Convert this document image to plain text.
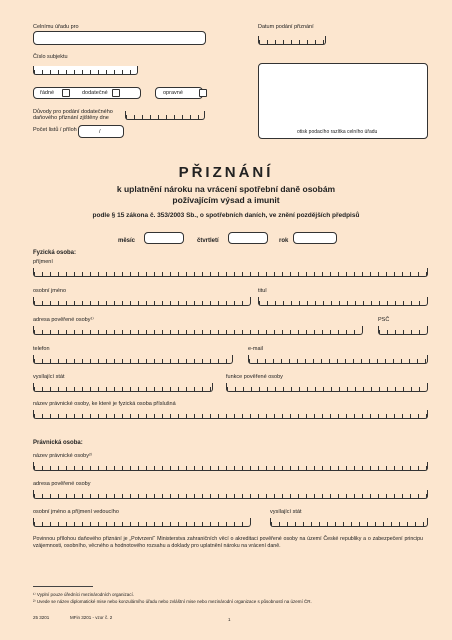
Celnímu úřadu pro	Datum podání přiznání
Číslo subjektu
řádné	dodatečné	opravné
Důvody pro podání dodatečného daňového přiznání zjištěny dne
Počet listů / příloh	/	otisk podacího razítka celního úřadu
PŘIZNÁNÍ
k uplatnění nároku na vrácení spotřební daně osobám
požívajícím výsad a imunit
podle § 15 zákona č. 353/2003 Sb., o spotřebních daních, ve znění pozdějších předpisů
měsíc	čtvrtletí	rok
Fyzická osoba:
příjmení
osobní jméno	titul
adresa pověřené osoby¹⁾	PSČ
telefon	e-mail
vysílající stát	funkce pověřené osoby
název právnické osoby, ke které je fyzická osoba příslušná
Právnická osoba:
název právnické osoby²⁾
adresa pověřené osoby
osobní jméno a příjmení vedoucího	vysílající stát
Povinnou přílohou daňového přiznání je „Potvrzení“ Ministerstva zahraničních věcí o akreditaci pověřené osoby na území České republiky a o zabezpečení principu vzájemnosti, osobního, věcného a hodnotového rozsahu a doklady pro uplatnění nároku na vrácení daně.
¹⁾ Vyplní pouze úředníci mezinárodních organizací.
²⁾ Uvede se název diplomatické mise nebo konzulárního úřadu nebo zvláštní mise nebo mezinárodní organizace s působností na území ČR.
25 3201	MFin 3201 - vzor č. 2	1
